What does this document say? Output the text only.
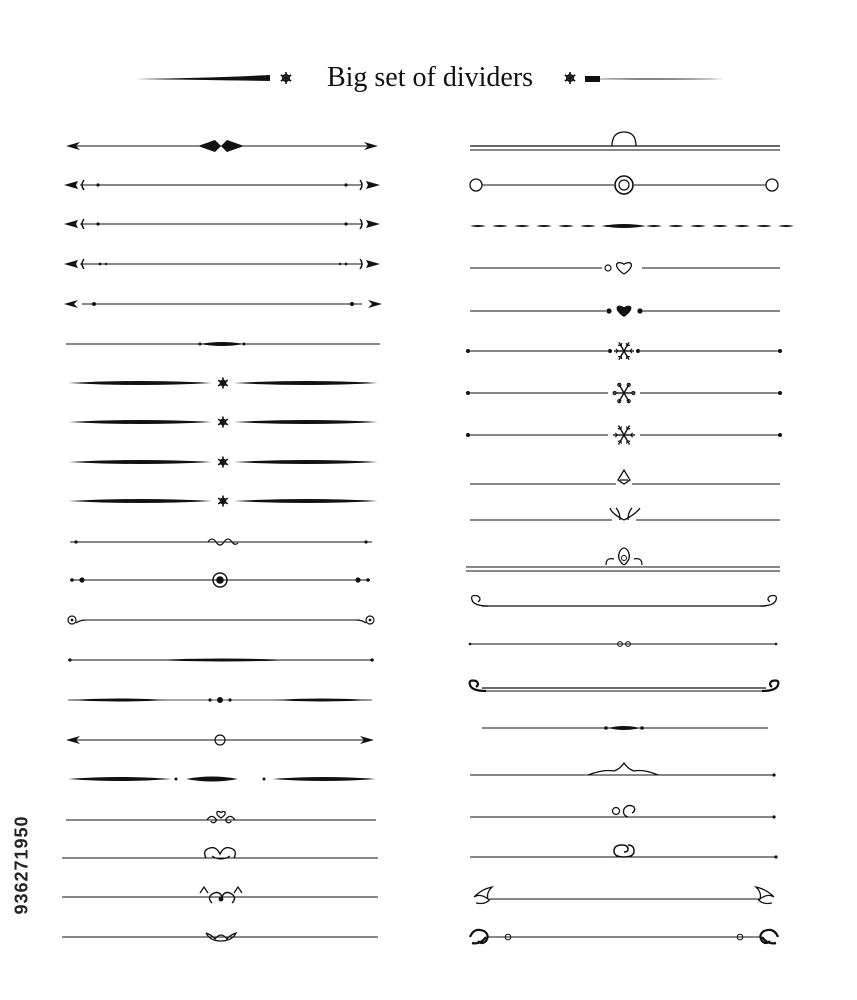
Big set of dividers
936271950
